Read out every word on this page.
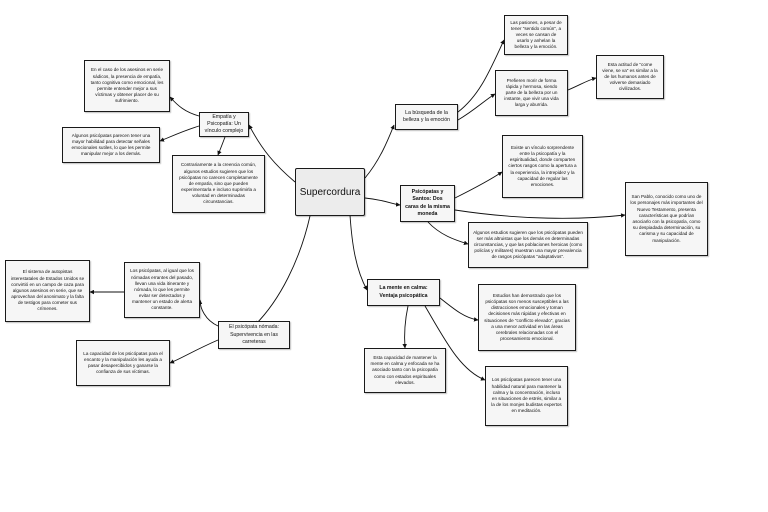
Supercordura
Empatía y Psicopatía: Un vínculo complejo
La búsqueda de la belleza y la emoción
Psicópatas y Santos: Dos caras de la misma moneda
La mente en calma: Ventaja psicopática
El psicópata nómada: Supervivencia en las carreteras
En el caso de los asesinos en serie sádicos, la presencia de empatía, tanto cognitiva como emocional, les permite entender mejor a sus víctimas y obtener placer de su sufrimiento.
Algunos psicópatas parecen tener una mayor habilidad para detectar señales emocionales sutiles, lo que les permite manipular mejor a los demás.
Contrariamente a la creencia común, algunos estudios sugieren que los psicópatas no carecen completamente de empatía, sino que pueden experimentarla e incluso suprimirla a voluntad en determinadas circunstancias.
Las pasiones, a pesar de tener "sentido común", a veces se cansan de usarlo y anhelan la belleza y la emoción.
Prefieren morir de forma rápida y hermosa, siendo parte de la belleza por un instante, que vivir una vida larga y aburrida.
Esta actitud de "come viene, se va" es similar a la de los humanos antes de volverse demasiado civilizados.
Existe un vínculo sorprendente entre la psicopatía y la espiritualidad, donde comparten ciertos rasgos como la apertura a la experiencia, la intrepidez y la capacidad de regular las emociones.
San Pablo, conocido como uno de los personajes más importantes del Nuevo Testamento, presenta características que podrían asociarlo con la psicopatía, como su despiadada determinación, su carisma y su capacidad de manipulación.
Algunos estudios sugieren que los psicópatas pueden ser más altruistas que los demás en determinadas circunstancias, y que las poblaciones heroicas (como policías y militares) muestran una mayor prevalencia de rasgos psicópatas "adaptativos".
El sistema de autopistas interestatales de Estados Unidos se convirtió en un campo de caza para algunos asesinos en serie, que se aprovechan del anonimato y la falta de testigos para cometer sus crímenes.
Los psicópatas, al igual que los nómadas errantes del pasado, llevan una vida itinerante y nómada, lo que les permite evitar ser detectados y mantener un estado de alerta constante.
La capacidad de los psicópatas para el encanto y la manipulación les ayuda a pasar desapercibidos y ganarse la confianza de sus víctimas.
Estudios han demostrado que los psicópatas son menos susceptibles a las distracciones emocionales y toman decisiones más rápidas y efectivas en situaciones de "conflicto elevado", gracias a una menor actividad en las áreas cerebrales relacionadas con el procesamiento emocional.
Esta capacidad de mantener la mente en calma y enfocada se ha asociado tanto con la psicopatía como con estados espirituales elevados.	Los psicópatas parecen tener una habilidad natural para mantener la calma y la concentración, incluso en situaciones de estrés, similar a la de los monjes budistas expertos en meditación.
